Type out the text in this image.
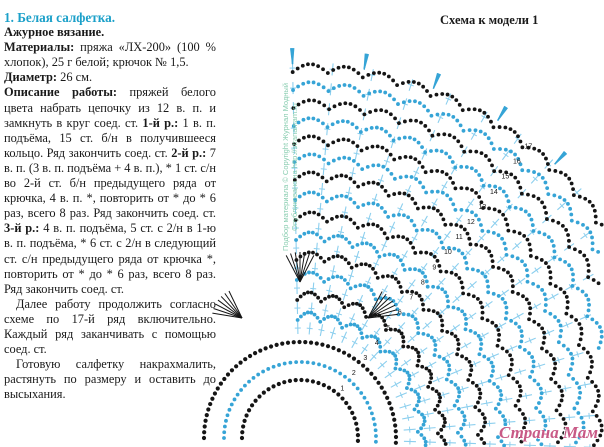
1. Белая салфетка.

Ажурное вязание.

Материалы: пряжа «ЛХ-200» (100 % хлопок), 25 г белой; крючок № 1,5.

Диаметр: 26 см.

Описание работы: пряжей белого цвета набрать цепочку из 12 в. п. и замкнуть в круг соед. ст. 1-й р.: 1 в. п. подъёма, 15 ст. б/н в получившееся кольцо. Ряд закончить соед. ст. 2-й р.: 7 в. п. (3 в. п. подъёма + 4 в. п.), * 1 ст. с/н во 2-й ст. б/н предыдущего ряда от крючка, 4 в. п. *, повторить от * до * 6 раз, всего 8 раз. Ряд закончить соед. ст. 3-й р.: 4 в. п. подъёма, 5 ст. с 2/н в 1-ю в. п. подъёма, * 6 ст. с 2/н в следующий ст. с/н предыдущего ряда от крючка *, повторить от * до * 6 раз, всего 8 раз. Ряд закончить соед. ст.

Далее работу продолжить согласно схеме по 17-й ряд включительно. Каждый ряд заканчивать с помощью соед. ст.

Готовую салфетку накрахмалить, растянуть по размеру и оставить до высыхания.

Схема к модели 1
1
2
3
4
5
6
7
8
9
10
11
12
13
14
15
16
17
Подбор материала © Copyright Журнал Модный Опубликовано на http://stranamam.ru
Страна Мам
